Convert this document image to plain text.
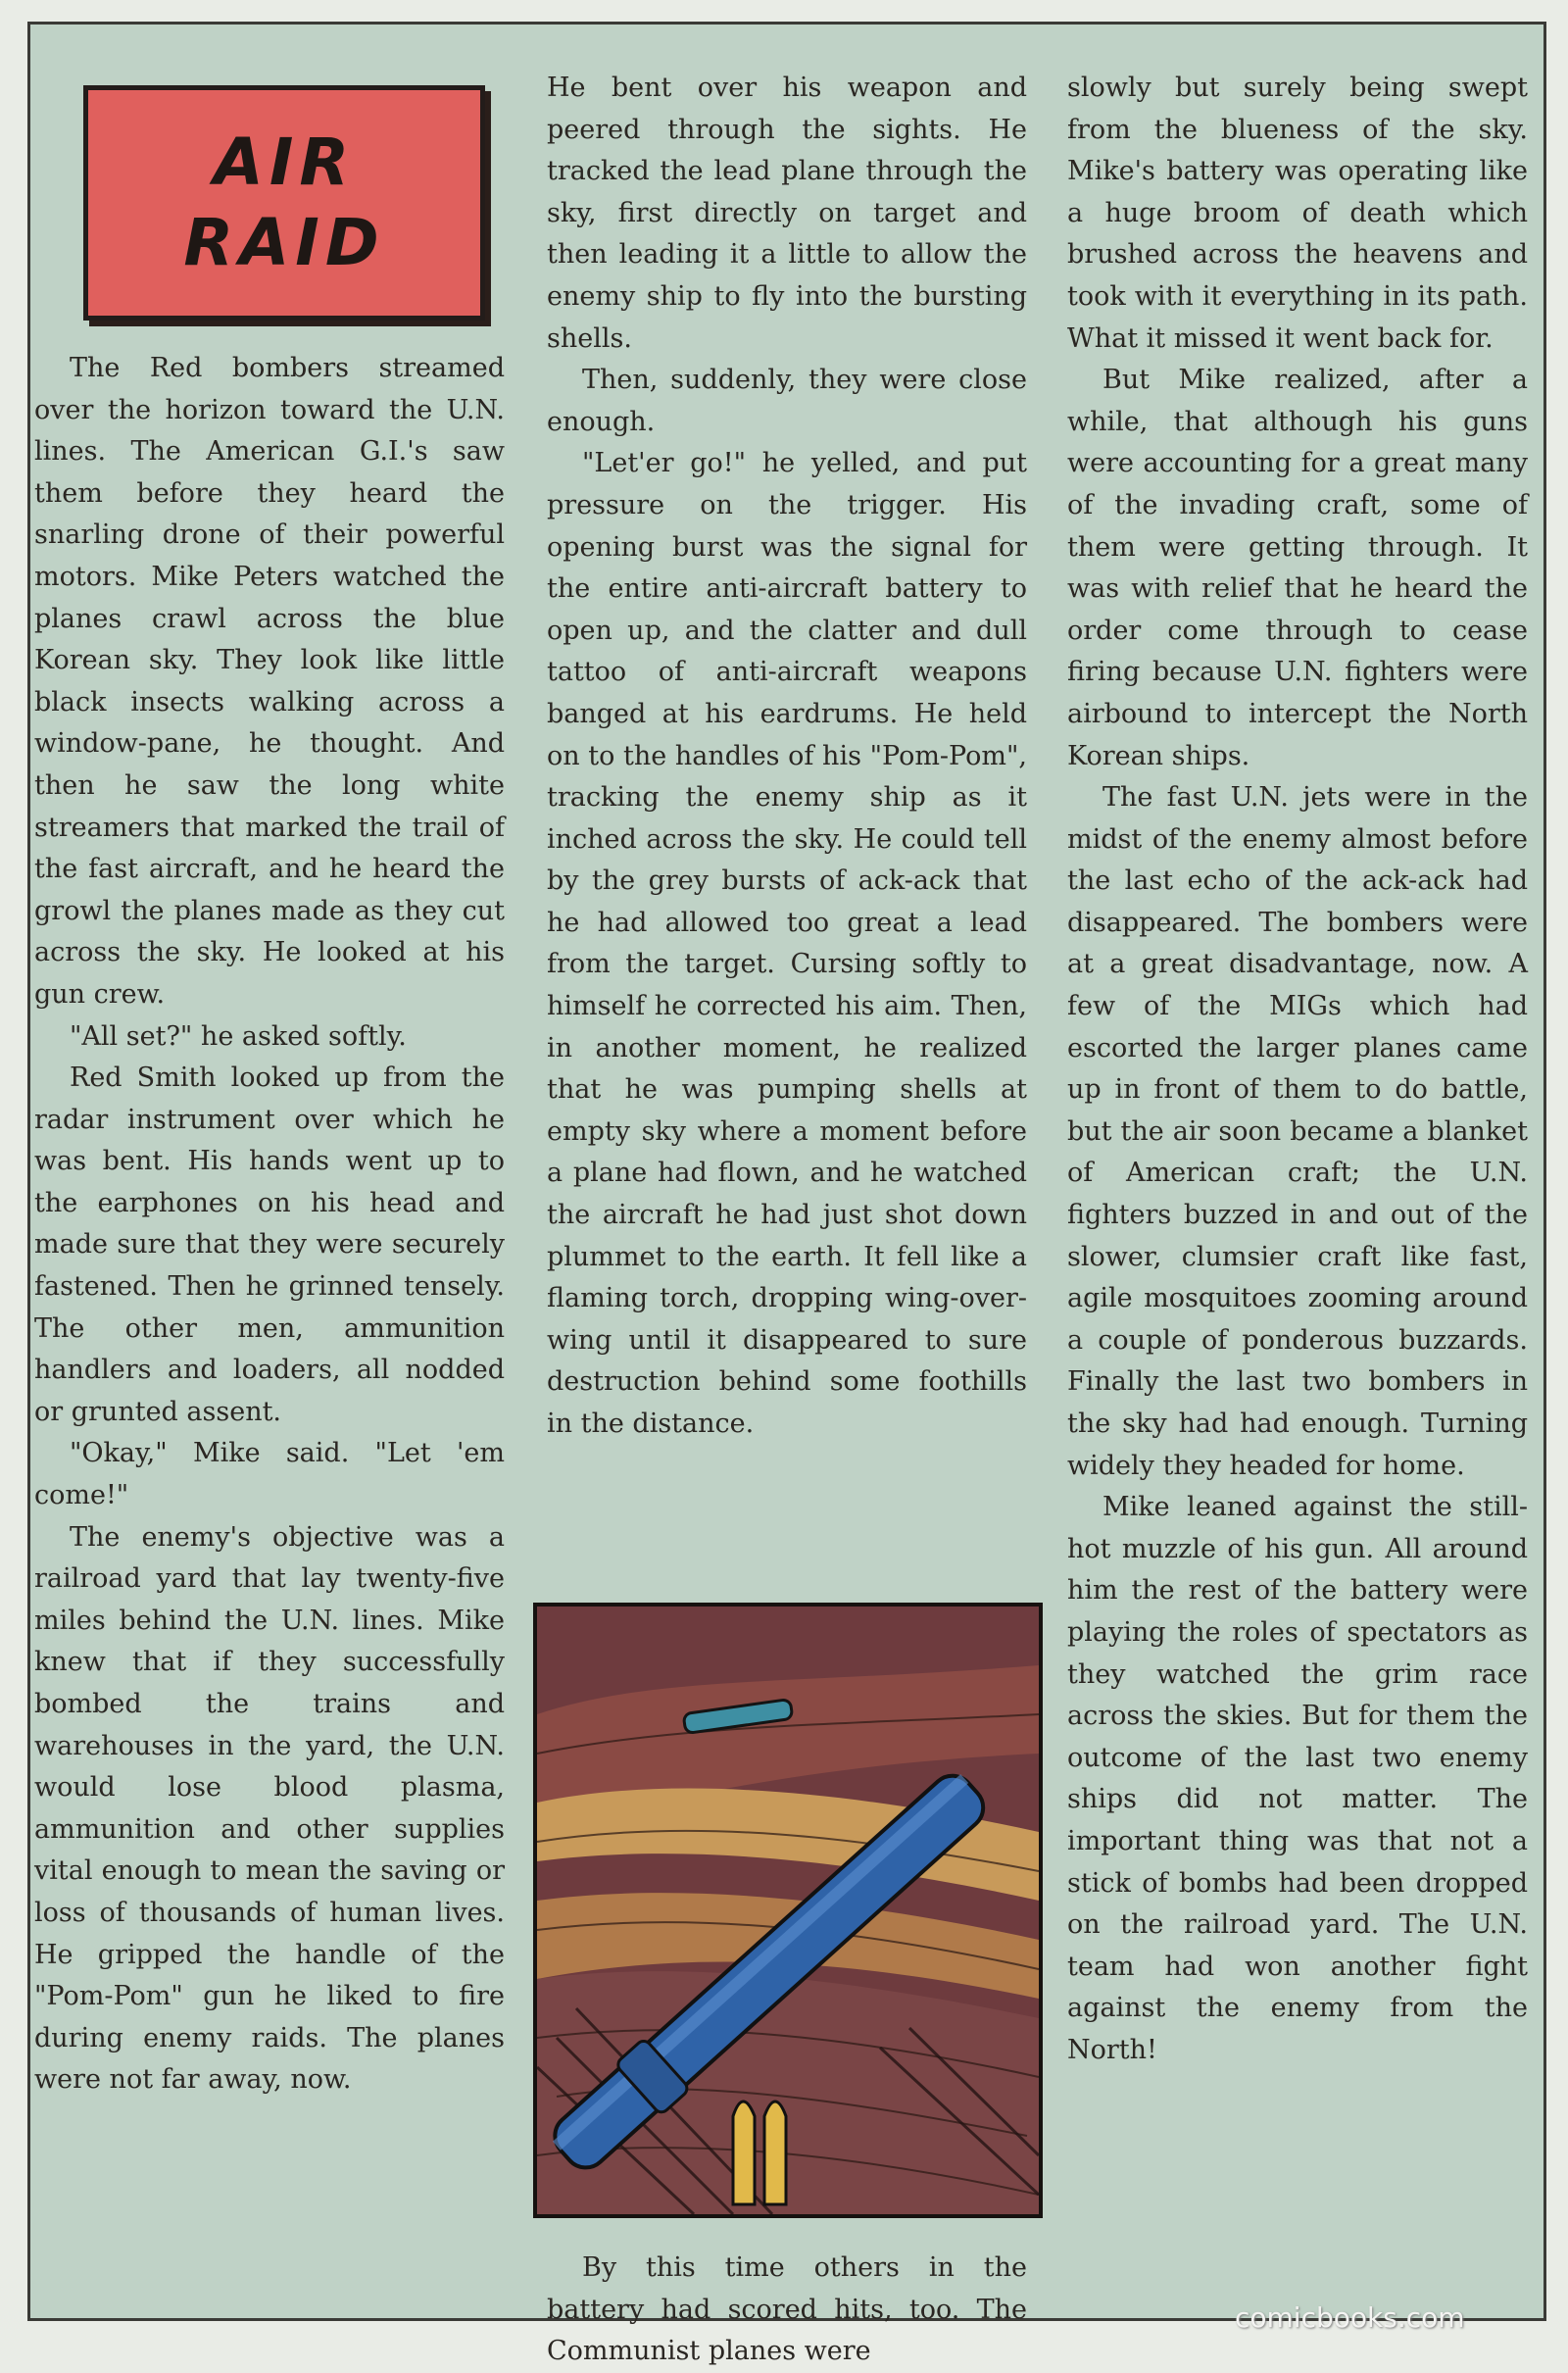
AIR
RAID

The Red bombers streamed over the horizon toward the U.N. lines. The American G.I.'s saw them before they heard the snarling drone of their powerful motors. Mike Peters watched the planes crawl across the blue Korean sky. They look like little black insects walking across a window-pane, he thought. And then he saw the long white streamers that marked the trail of the fast aircraft, and he heard the growl the planes made as they cut across the sky. He looked at his gun crew.

"All set?" he asked softly.

Red Smith looked up from the radar instrument over which he was bent. His hands went up to the earphones on his head and made sure that they were securely fastened. Then he grinned tensely. The other men, ammunition handlers and loaders, all nodded or grunted assent.

"Okay," Mike said. "Let 'em come!"

The enemy's objective was a railroad yard that lay twenty-five miles behind the U.N. lines. Mike knew that if they successfully bombed the trains and warehouses in the yard, the U.N. would lose blood plasma, ammunition and other supplies vital enough to mean the saving or loss of thousands of human lives. He gripped the handle of the "Pom-Pom" gun he liked to fire during enemy raids. The planes were not far away, now.

He bent over his weapon and peered through the sights. He tracked the lead plane through the sky, first directly on target and then leading it a little to allow the enemy ship to fly into the bursting shells.

Then, suddenly, they were close enough.

"Let'er go!" he yelled, and put pressure on the trigger. His opening burst was the signal for the entire anti-aircraft battery to open up, and the clatter and dull tattoo of anti-aircraft weapons banged at his eardrums. He held on to the handles of his "Pom-Pom", tracking the enemy ship as it inched across the sky. He could tell by the grey bursts of ack-ack that he had allowed too great a lead from the target. Cursing softly to himself he corrected his aim. Then, in another moment, he realized that he was pumping shells at empty sky where a moment before a plane had flown, and he watched the aircraft he had just shot down plummet to the earth. It fell like a flaming torch, dropping wing-over-wing until it disappeared to sure destruction behind some foothills in the distance.

By this time others in the battery had scored hits, too. The Communist planes were

slowly but surely being swept from the blueness of the sky. Mike's battery was operating like a huge broom of death which brushed across the heavens and took with it everything in its path. What it missed it went back for.

But Mike realized, after a while, that although his guns were accounting for a great many of the invading craft, some of them were getting through. It was with relief that he heard the order come through to cease firing because U.N. fighters were airbound to intercept the North Korean ships.

The fast U.N. jets were in the midst of the enemy almost before the last echo of the ack-ack had disappeared. The bombers were at a great disadvantage, now. A few of the MIGs which had escorted the larger planes came up in front of them to do battle, but the air soon became a blanket of American craft; the U.N. fighters buzzed in and out of the slower, clumsier craft like fast, agile mosquitoes zooming around a couple of ponderous buzzards. Finally the last two bombers in the sky had had enough. Turning widely they headed for home.

Mike leaned against the still-hot muzzle of his gun. All around him the rest of the battery were playing the roles of spectators as they watched the grim race across the skies. But for them the outcome of the last two enemy ships did not matter. The important thing was that not a stick of bombs had been dropped on the railroad yard. The U.N. team had won another fight against the enemy from the North!

comicbooks.com
